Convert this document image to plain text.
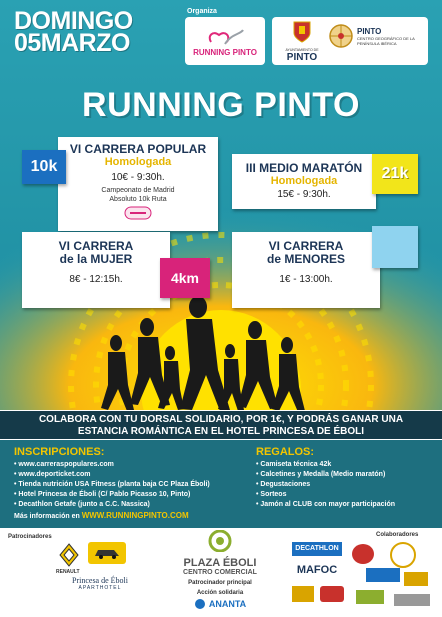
DOMINGO
05MARZO
Organiza
RUNNING PINTO	AYUNTAMIENTO DE
PINTO
PINTO
CENTRO GEOGRÁFICO DE LA PENÍNSULA IBÉRICA
RUNNING PINTO
VI CARRERA POPULAR
Homologada
10€ - 9:30h.
Campeonato de Madrid
Absoluto 10k Ruta
10k	III MEDIO MARATÓN
Homologada
15€ - 9:30h.
21k
VI CARRERA
de la MUJER
8€ - 12:15h.	4km
VI CARRERA
de MENORES
1€ - 13:00h.
COLABORA CON TU DORSAL SOLIDARIO, POR 1€, Y PODRÁS GANAR UNA
ESTANCIA ROMÁNTICA EN EL HOTEL PRINCESA DE ÉBOLI
INSCRIPCIONES:
• www.carreraspopulares.com
• www.deporticket.com
• Tienda nutrición USA Fitness (planta baja CC Plaza Éboli)
• Hotel Princesa de Éboli (C/ Pablo Picasso 10, Pinto)
• Decathlon Getafe (junto a C.C. Nassica)
Más información en WWW.RUNNINGPINTO.COM
REGALOS:
• Camiseta técnica 42k
• Calcetines y Medalla (Medio maratón)
• Degustaciones
• Sorteos
• Jamón al CLUB con mayor participación
Patrocinadores
RENAULT
Princesa de Éboli
APARTHOTEL
PLAZA ÉBOLI
CENTRO COMERCIAL
Patrocinador principal
Acción solidaria
ANANTA
DECATHLON
MAFOC
Colaboradores
